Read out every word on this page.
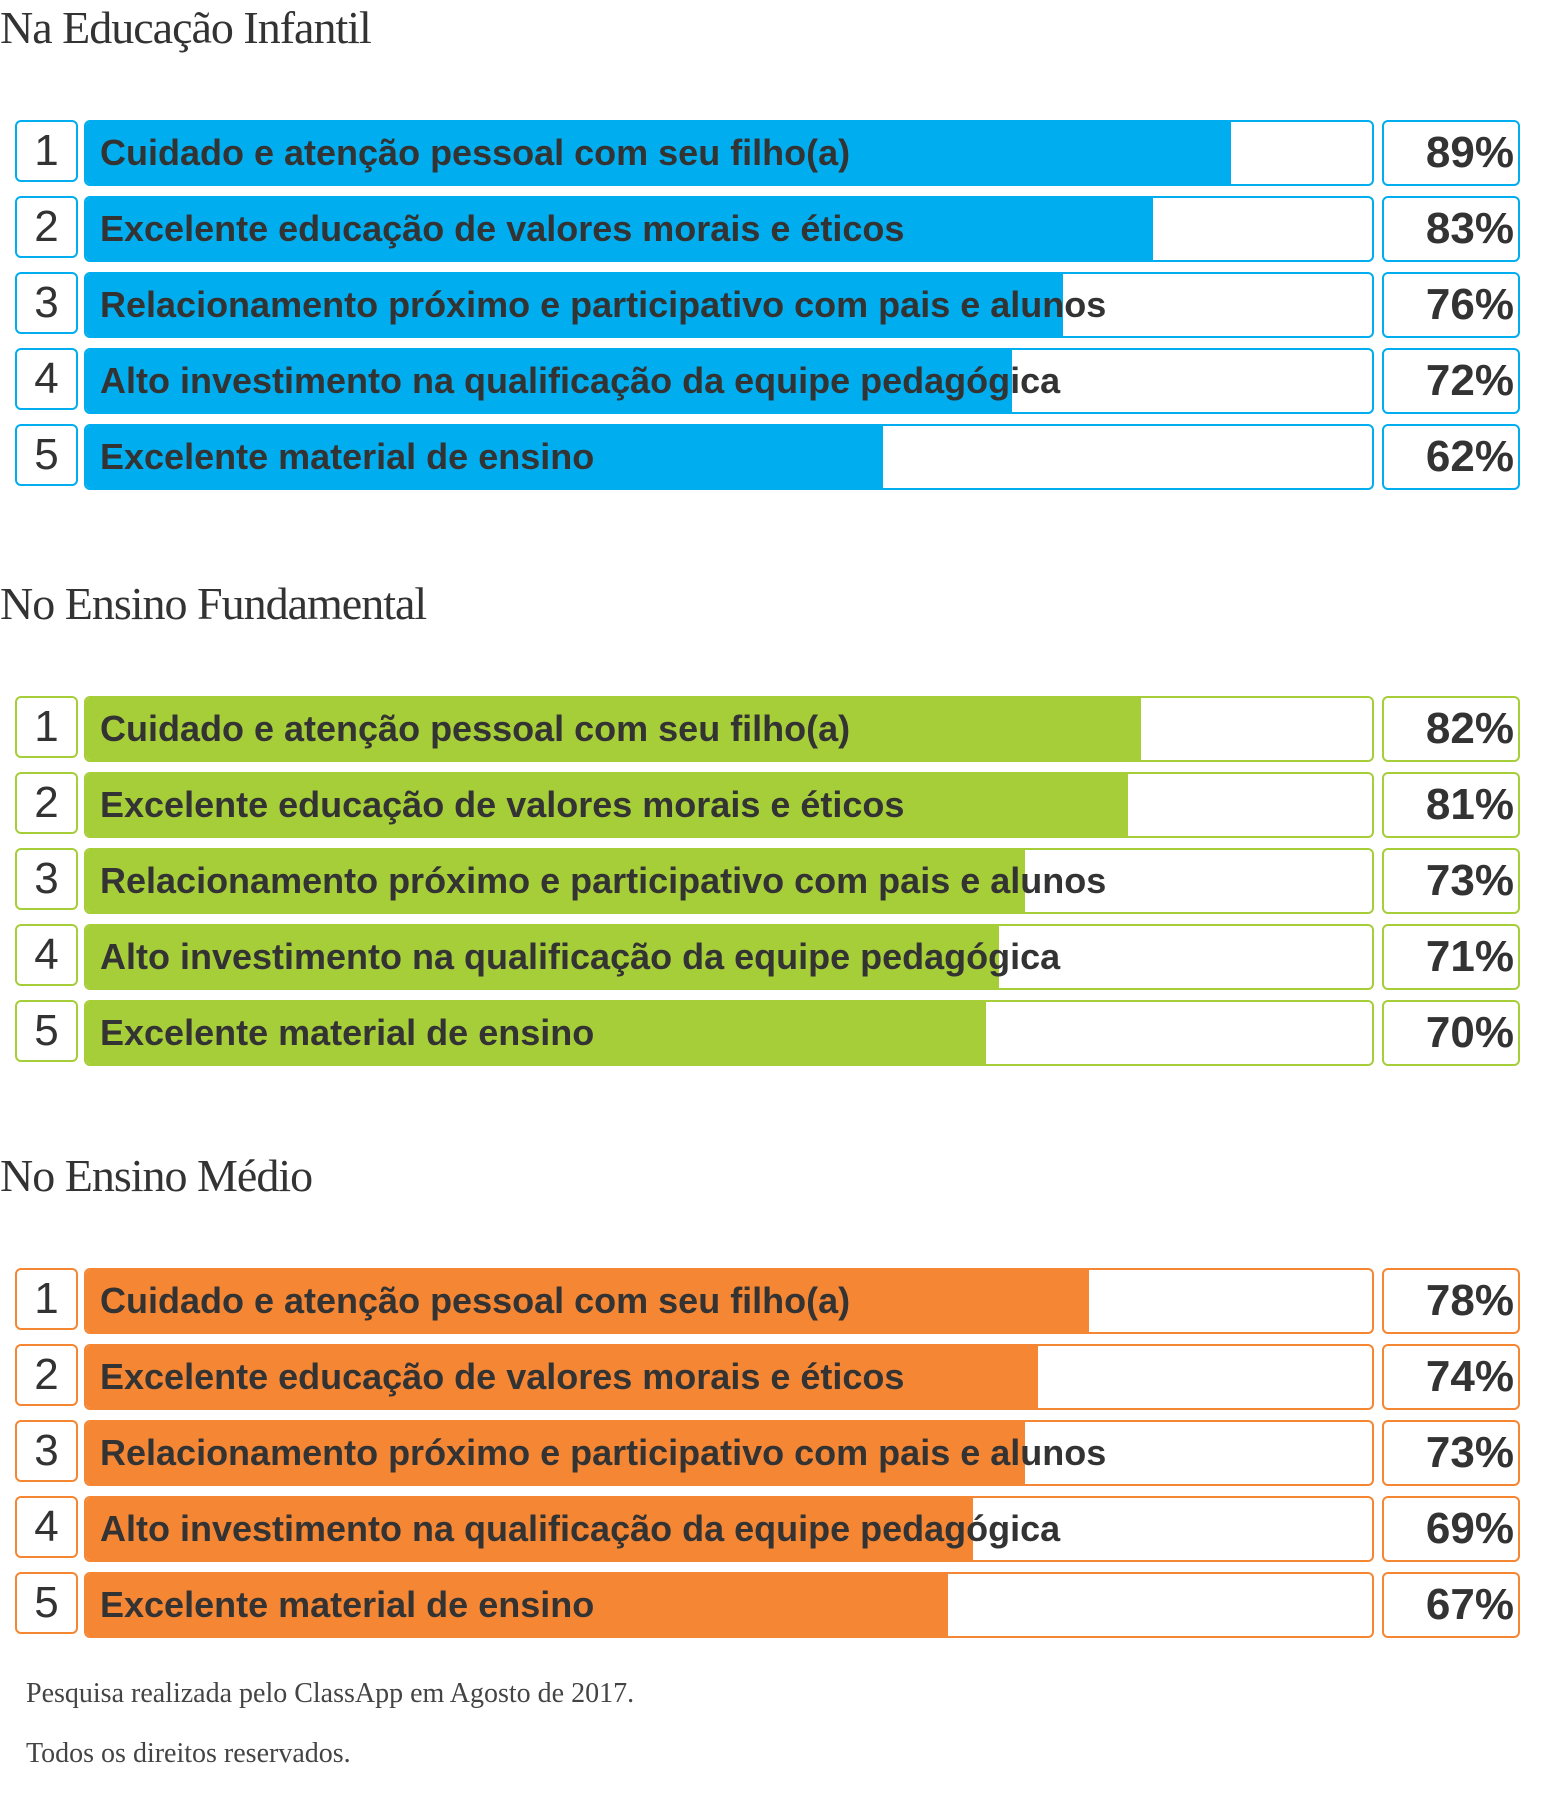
Na Educação Infantil
1	Cuidado e atenção pessoal com seu filho(a)	89%
2	Excelente educação de valores morais e éticos	83%
3	Relacionamento próximo e participativo com pais e alunos	76%
4	Alto investimento na qualificação da equipe pedagógica	72%
5	Excelente material de ensino	62%
No Ensino Fundamental
1	Cuidado e atenção pessoal com seu filho(a)	82%
2	Excelente educação de valores morais e éticos	81%
3	Relacionamento próximo e participativo com pais e alunos	73%
4	Alto investimento na qualificação da equipe pedagógica	71%
5	Excelente material de ensino	70%
No Ensino Médio
1	Cuidado e atenção pessoal com seu filho(a)	78%
2	Excelente educação de valores morais e éticos	74%
3	Relacionamento próximo e participativo com pais e alunos	73%
4	Alto investimento na qualificação da equipe pedagógica	69%
5	Excelente material de ensino	67%
Pesquisa realizada pelo ClassApp em Agosto de 2017.
Todos os direitos reservados.
